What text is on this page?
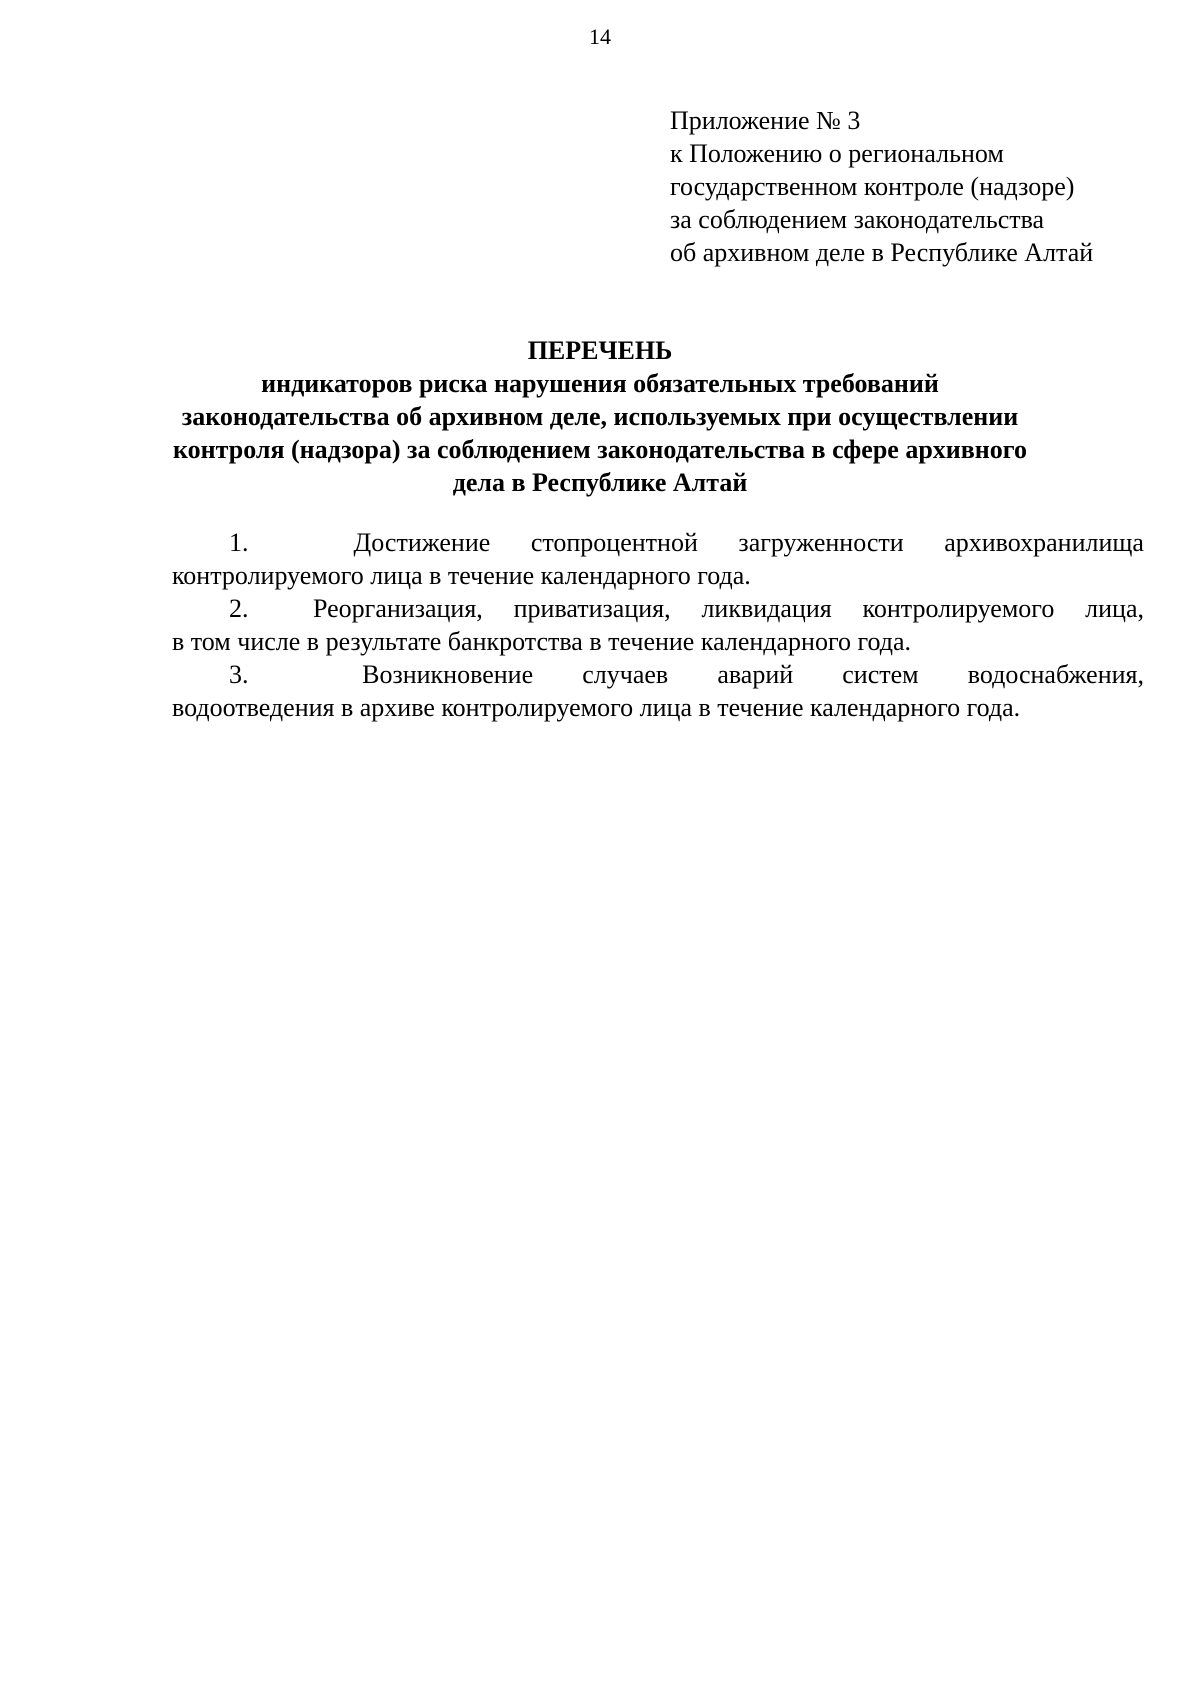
14
Приложение № 3
к Положению о региональном
государственном контроле (надзоре)
за соблюдением законодательства
об архивном деле в Республике Алтай
ПЕРЕЧЕНЬ
индикаторов риска нарушения обязательных требований
законодательства об архивном деле, используемых при осуществлении
контроля (надзора) за соблюдением законодательства в сфере архивного
дела в Республике Алтай
1.	Достижение стопроцентной загруженности архивохранилища
контролируемого лица в течение календарного года.
2.	Реорганизация, приватизация, ликвидация контролируемого лица,
в том числе в результате банкротства в течение календарного года.
3.	Возникновение случаев аварий систем водоснабжения,
водоотведения в архиве контролируемого лица в течение календарного года.
